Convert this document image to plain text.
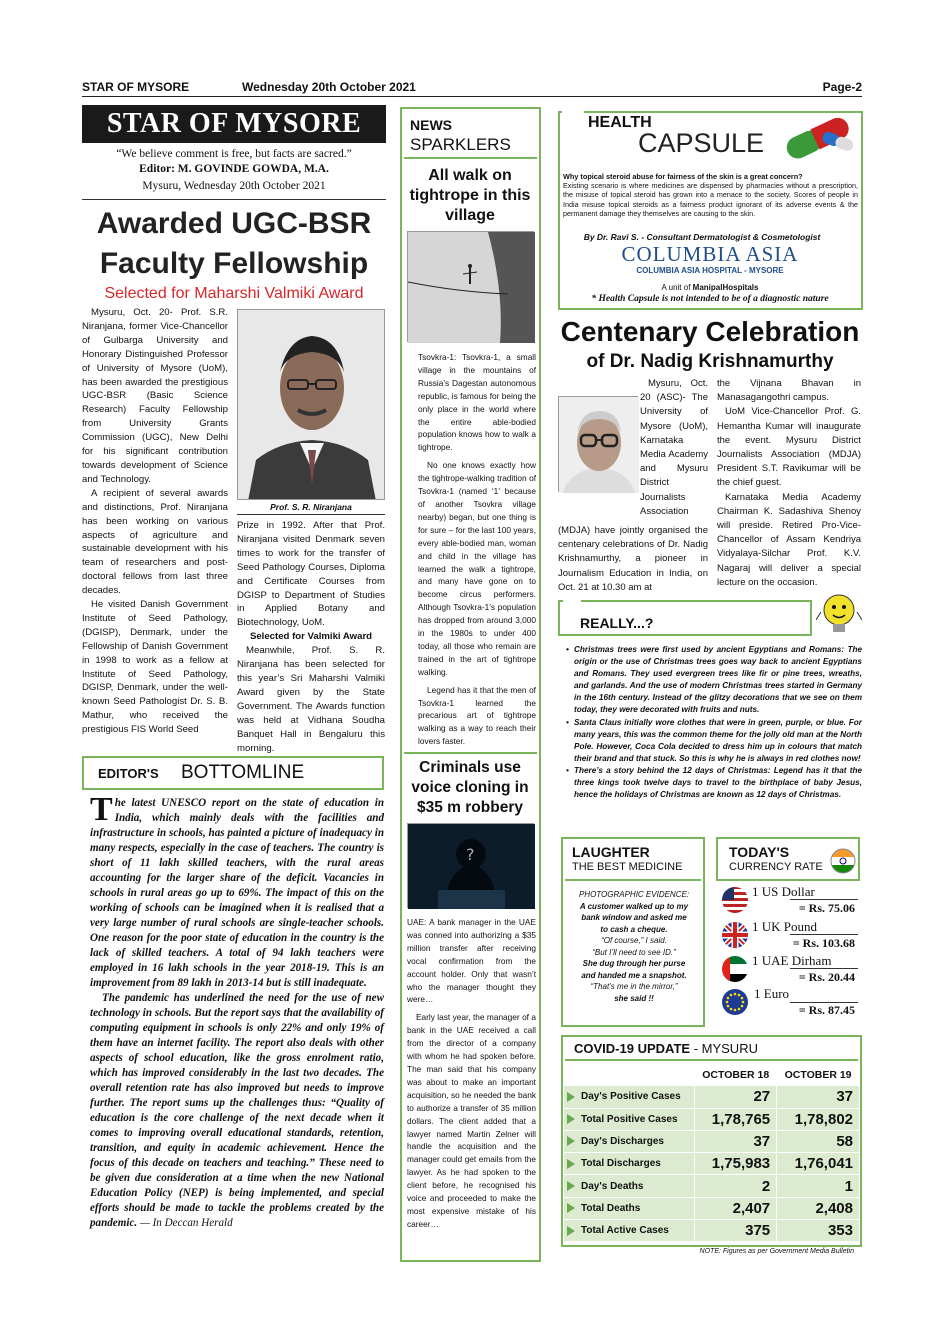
STAR OF MYSORE	Wednesday 20th October 2021	Page-2
STAR OF MYSORE
“We believe comment is free, but facts are sacred.”
Editor: M. GOVINDE GOWDA, M.A.
Mysuru, Wednesday 20th October 2021
Awarded UGC-BSR
Faculty Fellowship
Selected for Maharshi Valmiki Award

Mysuru, Oct. 20- Prof. S.R. Niranjana, former Vice-Chancellor of Gulbarga University and Honorary Distinguished Professor of University of Mysore (UoM), has been awarded the prestigious UGC-BSR (Basic Science Research) Faculty Fellowship from University Grants Commission (UGC), New Delhi for his significant contribution towards development of Science and Technology.

A recipient of several awards and distinctions, Prof. Niranjana has been working on various aspects of agriculture and sustainable development with his team of researchers and post-doctoral fellows from last three decades.

He visited Danish Government Institute of Seed Pathology, (DGISP), Denmark, under the Fellowship of Danish Government in 1998 to work as a fellow at Institute of Seed Pathology, DGISP, Denmark, under the well-known Seed Pathologist Dr. S. B. Mathur, who received the prestigious FIS World Seed

Prof. S. R. Niranjana

Prize in 1992. After that Prof. Niranjana visited Denmark seven times to work for the transfer of Seed Pathology Courses, Diploma and Certificate Courses from DGISP to Department of Studies in Applied Botany and Biotechnology, UoM.

Selected for Valmiki Award

Meanwhile, Prof. S. R. Niranjana has been selected for this year’s Sri Maharshi Valmiki Award given by the State Government. The Awards function was held at Vidhana Soudha Banquet Hall in Bengaluru this morning.

EDITOR'S BOTTOMLINE

The latest UNESCO report on the state of education in India, which mainly deals with the facilities and infrastructure in schools, has painted a picture of inadequacy in many respects, especially in the case of teachers. The country is short of 11 lakh skilled teachers, with the rural areas accounting for the larger share of the deficit. Vacancies in schools in rural areas go up to 69%. The impact of this on the working of schools can be imagined when it is realised that a very large number of rural schools are single-teacher schools. One reason for the poor state of education in the country is the lack of skilled teachers. A total of 94 lakh teachers were employed in 16 lakh schools in the year 2018-19. This is an improvement from 89 lakh in 2013-14 but is still inadequate.

The pandemic has underlined the need for the use of new technology in schools. But the report says that the availability of computing equipment in schools is only 22% and only 19% of them have an internet facility. The report also deals with other aspects of school education, like the gross enrolment ratio, which has improved considerably in the last two decades. The overall retention rate has also improved but needs to improve further. The report sums up the challenges thus: “Quality of education is the core challenge of the next decade when it comes to improving overall educational standards, retention, transition, and equity in academic achievement. Hence the focus of this decade on teachers and teaching.” These need to be given due consideration at a time when the new National Education Policy (NEP) is being implemented, and special efforts should be made to tackle the problems created by the pandemic. — In Deccan Herald

NEWS
SPARKLERS
All walk on tightrope in this village

Tsovkra-1: Tsovkra-1, a small village in the mountains of Russia’s Dagestan autonomous republic, is famous for being the only place in the world where the entire able-bodied population knows how to walk a tightrope.

No one knows exactly how the tightrope-walking tradition of Tsovkra-1 (named ‘1’ because of another Tsovkra village nearby) began, but one thing is for sure – for the last 100 years, every able-bodied man, woman and child in the village has learned the walk a tightrope, and many have gone on to become circus performers. Although Tsovkra-1’s population has dropped from around 3,000 in the 1980s to under 400 today, all those who remain are trained in the art of tightrope walking.

Legend has it that the men of Tsovkra-1 learned the precarious art of tightrope walking as a way to reach their lovers faster.

Criminals use voice cloning in $35 m robbery
?

UAE: A bank manager in the UAE was conned into authorizing a $35 million transfer after receiving vocal confirmation from the account holder. Only that wasn’t who the manager thought they were…

Early last year, the manager of a bank in the UAE received a call from the director of a company with whom he had spoken before. The man said that his company was about to make an important acquisition, so he needed the bank to authorize a transfer of 35 million dollars. The client added that a lawyer named Martin Zelner will handle the acquisition and the manager could get emails from the lawyer. As he had spoken to the client before, he recognised his voice and proceeded to make the most expensive mistake of his career…

HEALTH
CAPSULE
Why topical steroid abuse for fairness of the skin is a great concern?
Existing scenario is where medicines are dispensed by pharmacies without a prescription, the misuse of topical steroid has grown into a menace to the society. Scores of people in India misuse topical steroids as a fairness product ignorant of its adverse events & the permanent damage they themselves are causing to the skin.
By Dr. Ravi S. - Consultant Dermatologist & Cosmetologist
COLUMBIA ASIA
COLUMBIA ASIA HOSPITAL - MYSORE
A unit of ManipalHospitals
* Health Capsule is not intended to be of a diagnostic nature
Centenary Celebration
of Dr. Nadig Krishnamurthy

Mysuru, Oct. 20 (ASC)- The University of Mysore (UoM), Karnataka Media Academy and Mysuru District Journalists Association

(MDJA) have jointly organised the centenary celebrations of Dr. Nadig Krishnamurthy, a pioneer in Journalism Education in India, on Oct. 21 at 10.30 am at

the Vijnana Bhavan in Manasagangothri campus.

UoM Vice-Chancellor Prof. G. Hemantha Kumar will inaugurate the event. Mysuru District Journalists Association (MDJA) President S.T. Ravikumar will be the chief guest.

Karnataka Media Academy Chairman K. Sadashiva Shenoy will preside. Retired Pro-Vice-Chancellor of Assam Kendriya Vidyalaya-Silchar Prof. K.V. Nagaraj will deliver a special lecture on the occasion.

REALLY...?
• Christmas trees were first used by ancient Egyptians and Romans: The origin or the use of Christmas trees goes way back to ancient Egyptians and Romans. They used evergreen trees like fir or pine trees, wreaths, and garlands. And the use of modern Christmas trees started in Germany in the 16th century. Instead of the glitzy decorations that we see on them today, they were decorated with fruits and nuts.
• Santa Claus initially wore clothes that were in green, purple, or blue. For many years, this was the common theme for the jolly old man at the North Pole. However, Coca Cola decided to dress him up in colours that match their brand and that stuck. So this is why he is always in red clothes now!
• There’s a story behind the 12 days of Christmas: Legend has it that the three kings took twelve days to travel to the birthplace of baby Jesus, hence the holidays of Christmas are known as 12 days of Christmas.
LAUGHTER
THE BEST MEDICINE
PHOTOGRAPHIC EVIDENCE:
A customer walked up to my
bank window and asked me
to cash a cheque.
“Of course,” I said.
“But I’ll need to see ID.”
She dug through her purse
and handed me a snapshot.
“That’s me in the mirror,”
she said !!
TODAY'S
CURRENCY RATE
1 US Dollar
= Rs. 75.06
1 UK Pound
= Rs. 103.68
1 UAE Dirham
= Rs. 20.44
1 Euro
= Rs. 87.45
COVID-19 UPDATE - MYSURU
	OCTOBER 18	OCTOBER 19
Day's Positive Cases	27	37
Total Positive Cases	1,78,765	1,78,802
Day's Discharges	37	58
Total Discharges	1,75,983	1,76,041
Day's Deaths	2	1
Total Deaths	2,407	2,408
Total Active Cases	375	353
NOTE: Figures as per Government Media Bulletin
